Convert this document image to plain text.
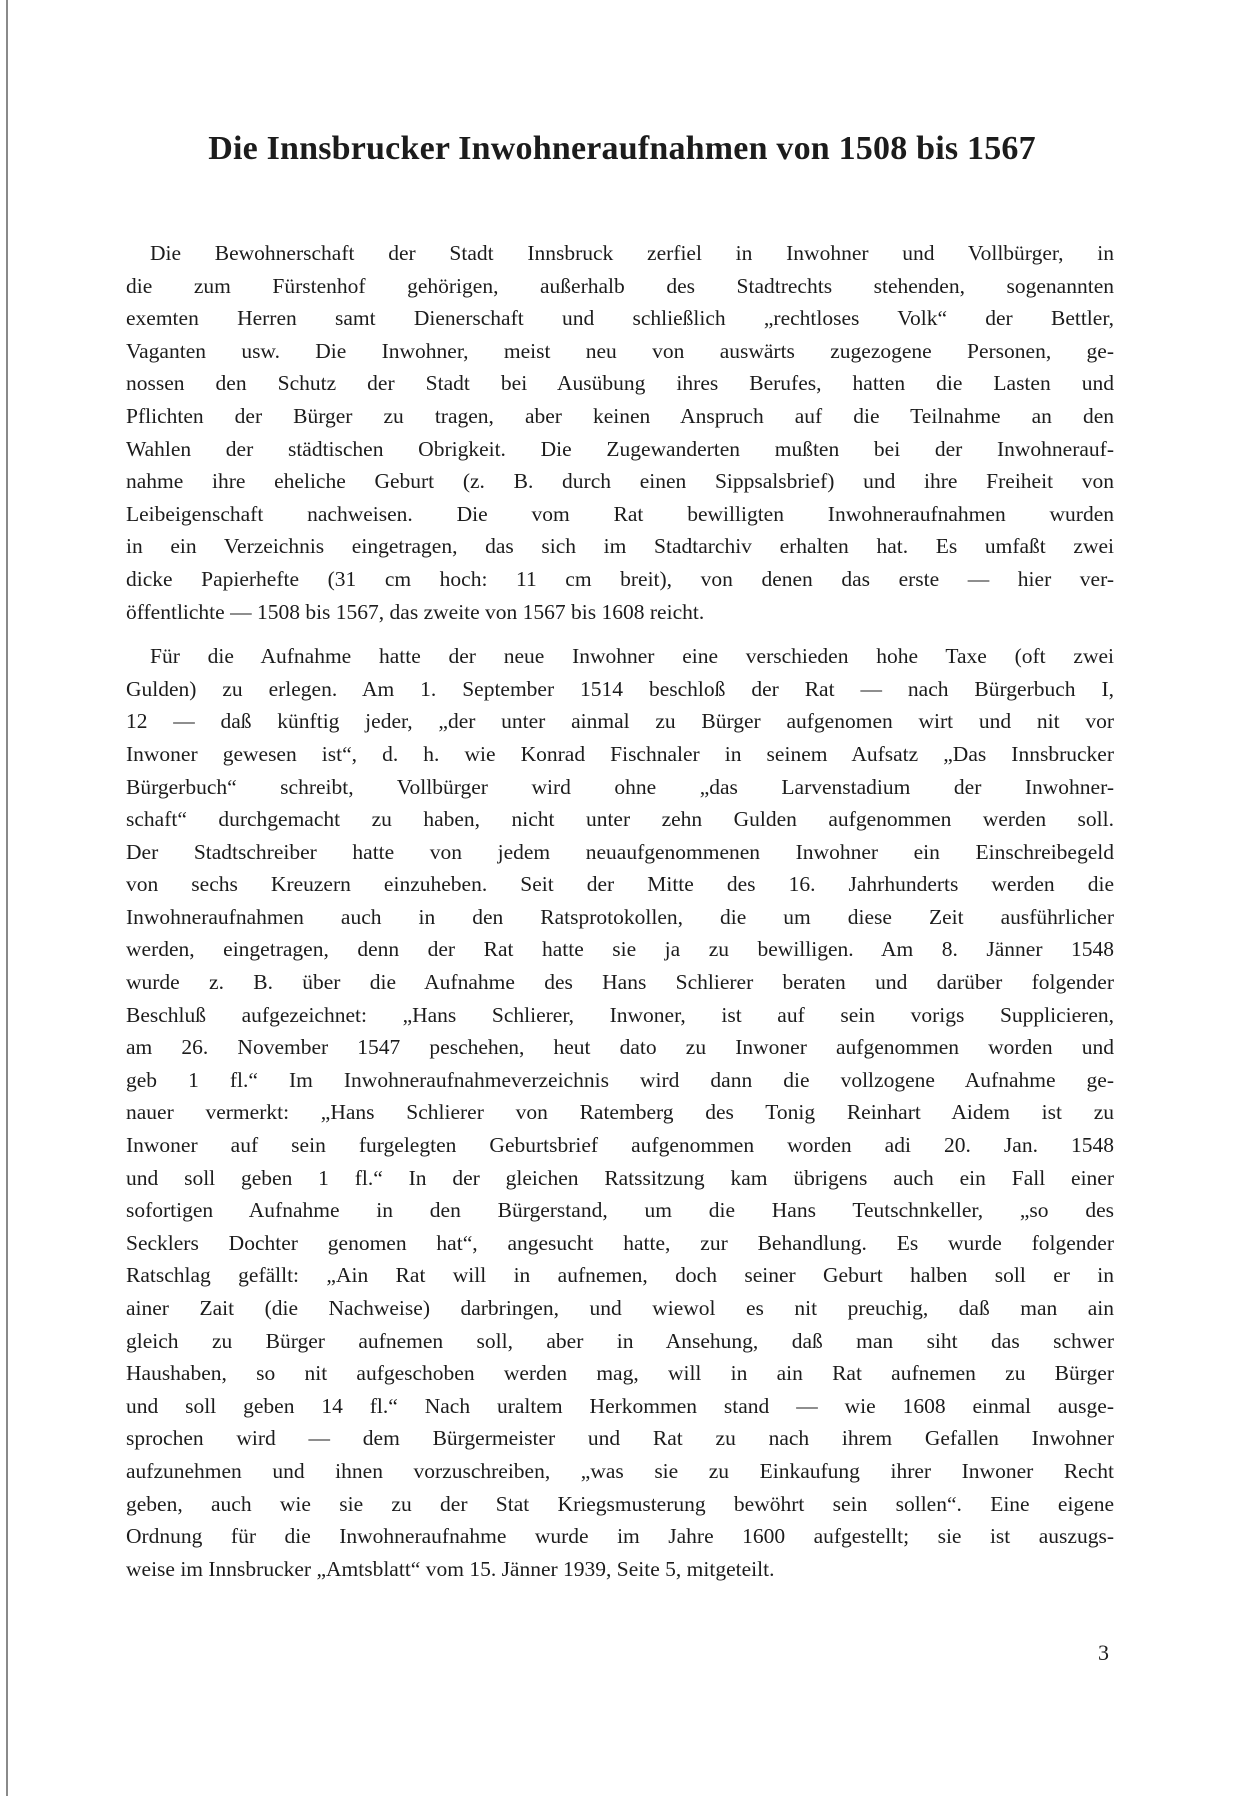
Die Innsbrucker Inwohneraufnahmen von 1508 bis 1567
Die Bewohnerschaft der Stadt Innsbruck zerfiel in Inwohner und Vollbürger, in
die zum Fürstenhof gehörigen, außerhalb des Stadtrechts stehenden, sogenannten
exemten Herren samt Dienerschaft und schließlich „rechtloses Volk“ der Bettler,
Vaganten usw. Die Inwohner, meist neu von auswärts zugezogene Personen, ge-
nossen den Schutz der Stadt bei Ausübung ihres Berufes, hatten die Lasten und
Pflichten der Bürger zu tragen, aber keinen Anspruch auf die Teilnahme an den
Wahlen der städtischen Obrigkeit. Die Zugewanderten mußten bei der Inwohnerauf-
nahme ihre eheliche Geburt (z. B. durch einen Sippsalsbrief) und ihre Freiheit von
Leibeigenschaft nachweisen. Die vom Rat bewilligten Inwohneraufnahmen wurden
in ein Verzeichnis eingetragen, das sich im Stadtarchiv erhalten hat. Es umfaßt zwei
dicke Papierhefte (31 cm hoch: 11 cm breit), von denen das erste — hier ver-
öffentlichte — 1508 bis 1567, das zweite von 1567 bis 1608 reicht.
Für die Aufnahme hatte der neue Inwohner eine verschieden hohe Taxe (oft zwei
Gulden) zu erlegen. Am 1. September 1514 beschloß der Rat — nach Bürgerbuch I,
12 — daß künftig jeder, „der unter ainmal zu Bürger aufgenomen wirt und nit vor
Inwoner gewesen ist“, d. h. wie Konrad Fischnaler in seinem Aufsatz „Das Innsbrucker
Bürgerbuch“ schreibt, Vollbürger wird ohne „das Larvenstadium der Inwohner-
schaft“ durchgemacht zu haben, nicht unter zehn Gulden aufgenommen werden soll.
Der Stadtschreiber hatte von jedem neuaufgenommenen Inwohner ein Einschreibegeld
von sechs Kreuzern einzuheben. Seit der Mitte des 16. Jahrhunderts werden die
Inwohneraufnahmen auch in den Ratsprotokollen, die um diese Zeit ausführlicher
werden, eingetragen, denn der Rat hatte sie ja zu bewilligen. Am 8. Jänner 1548
wurde z. B. über die Aufnahme des Hans Schlierer beraten und darüber folgender
Beschluß aufgezeichnet: „Hans Schlierer, Inwoner, ist auf sein vorigs Supplicieren,
am 26. November 1547 peschehen, heut dato zu Inwoner aufgenommen worden und
geb 1 fl.“ Im Inwohneraufnahmeverzeichnis wird dann die vollzogene Aufnahme ge-
nauer vermerkt: „Hans Schlierer von Ratemberg des Tonig Reinhart Aidem ist zu
Inwoner auf sein furgelegten Geburtsbrief aufgenommen worden adi 20. Jan. 1548
und soll geben 1 fl.“ In der gleichen Ratssitzung kam übrigens auch ein Fall einer
sofortigen Aufnahme in den Bürgerstand, um die Hans Teutschnkeller, „so des
Secklers Dochter genomen hat“, angesucht hatte, zur Behandlung. Es wurde folgender
Ratschlag gefällt: „Ain Rat will in aufnemen, doch seiner Geburt halben soll er in
ainer Zait (die Nachweise) darbringen, und wiewol es nit preuchig, daß man ain
gleich zu Bürger aufnemen soll, aber in Ansehung, daß man siht das schwer
Haushaben, so nit aufgeschoben werden mag, will in ain Rat aufnemen zu Bürger
und soll geben 14 fl.“ Nach uraltem Herkommen stand — wie 1608 einmal ausge-
sprochen wird — dem Bürgermeister und Rat zu nach ihrem Gefallen Inwohner
aufzunehmen und ihnen vorzuschreiben, „was sie zu Einkaufung ihrer Inwoner Recht
geben, auch wie sie zu der Stat Kriegsmusterung bewöhrt sein sollen“. Eine eigene
Ordnung für die Inwohneraufnahme wurde im Jahre 1600 aufgestellt; sie ist auszugs-
weise im Innsbrucker „Amtsblatt“ vom 15. Jänner 1939, Seite 5, mitgeteilt.

3
